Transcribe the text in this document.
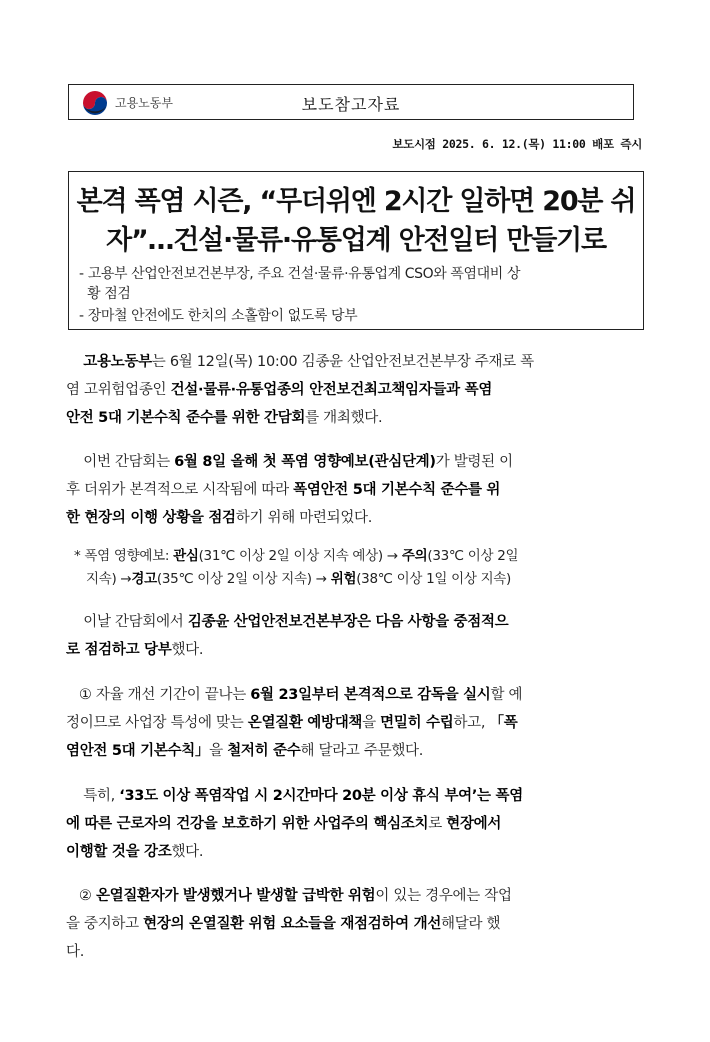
고용노동부	보도참고자료
보도시점 2025. 6. 12.(목) 11:00 배포 즉시
본격 폭염 시즌, “무더위엔 2시간 일하면 20분 쉬
자”…건설·물류·유통업계 안전일터 만들기로
- 고용부 산업안전보건본부장, 주요 건설·물류·유통업계 CSO와 폭염대비 상
황 점검
- 장마철 안전에도 한치의 소홀함이 없도록 당부
고용노동부는 6월 12일(목) 10:00 김종윤 산업안전보건본부장 주재로 폭
염 고위험업종인 건설·물류·유통업종의 안전보건최고책임자들과 폭염
안전 5대 기본수칙 준수를 위한 간담회를 개최했다.
이번 간담회는 6월 8일 올해 첫 폭염 영향예보(관심단계)가 발령된 이
후 더위가 본격적으로 시작됨에 따라 폭염안전 5대 기본수칙 준수를 위
한 현장의 이행 상황을 점검하기 위해 마련되었다.
* 폭염 영향예보: 관심(31℃ 이상 2일 이상 지속 예상) → 주의(33℃ 이상 2일
지속) →경고(35℃ 이상 2일 이상 지속) → 위험(38℃ 이상 1일 이상 지속)
이날 간담회에서 김종윤 산업안전보건본부장은 다음 사항을 중점적으
로 점검하고 당부했다.
① 자율 개선 기간이 끝나는 6월 23일부터 본격적으로 감독을 실시할 예
정이므로 사업장 특성에 맞는 온열질환 예방대책을 면밀히 수립하고, 「폭
염안전 5대 기본수칙」을 철저히 준수해 달라고 주문했다.
특히, ‘33도 이상 폭염작업 시 2시간마다 20분 이상 휴식 부여’는 폭염
에 따른 근로자의 건강을 보호하기 위한 사업주의 핵심조치로 현장에서
이행할 것을 강조했다.
② 온열질환자가 발생했거나 발생할 급박한 위험이 있는 경우에는 작업
을 중지하고 현장의 온열질환 위험 요소들을 재점검하여 개선해달라 했
다.
